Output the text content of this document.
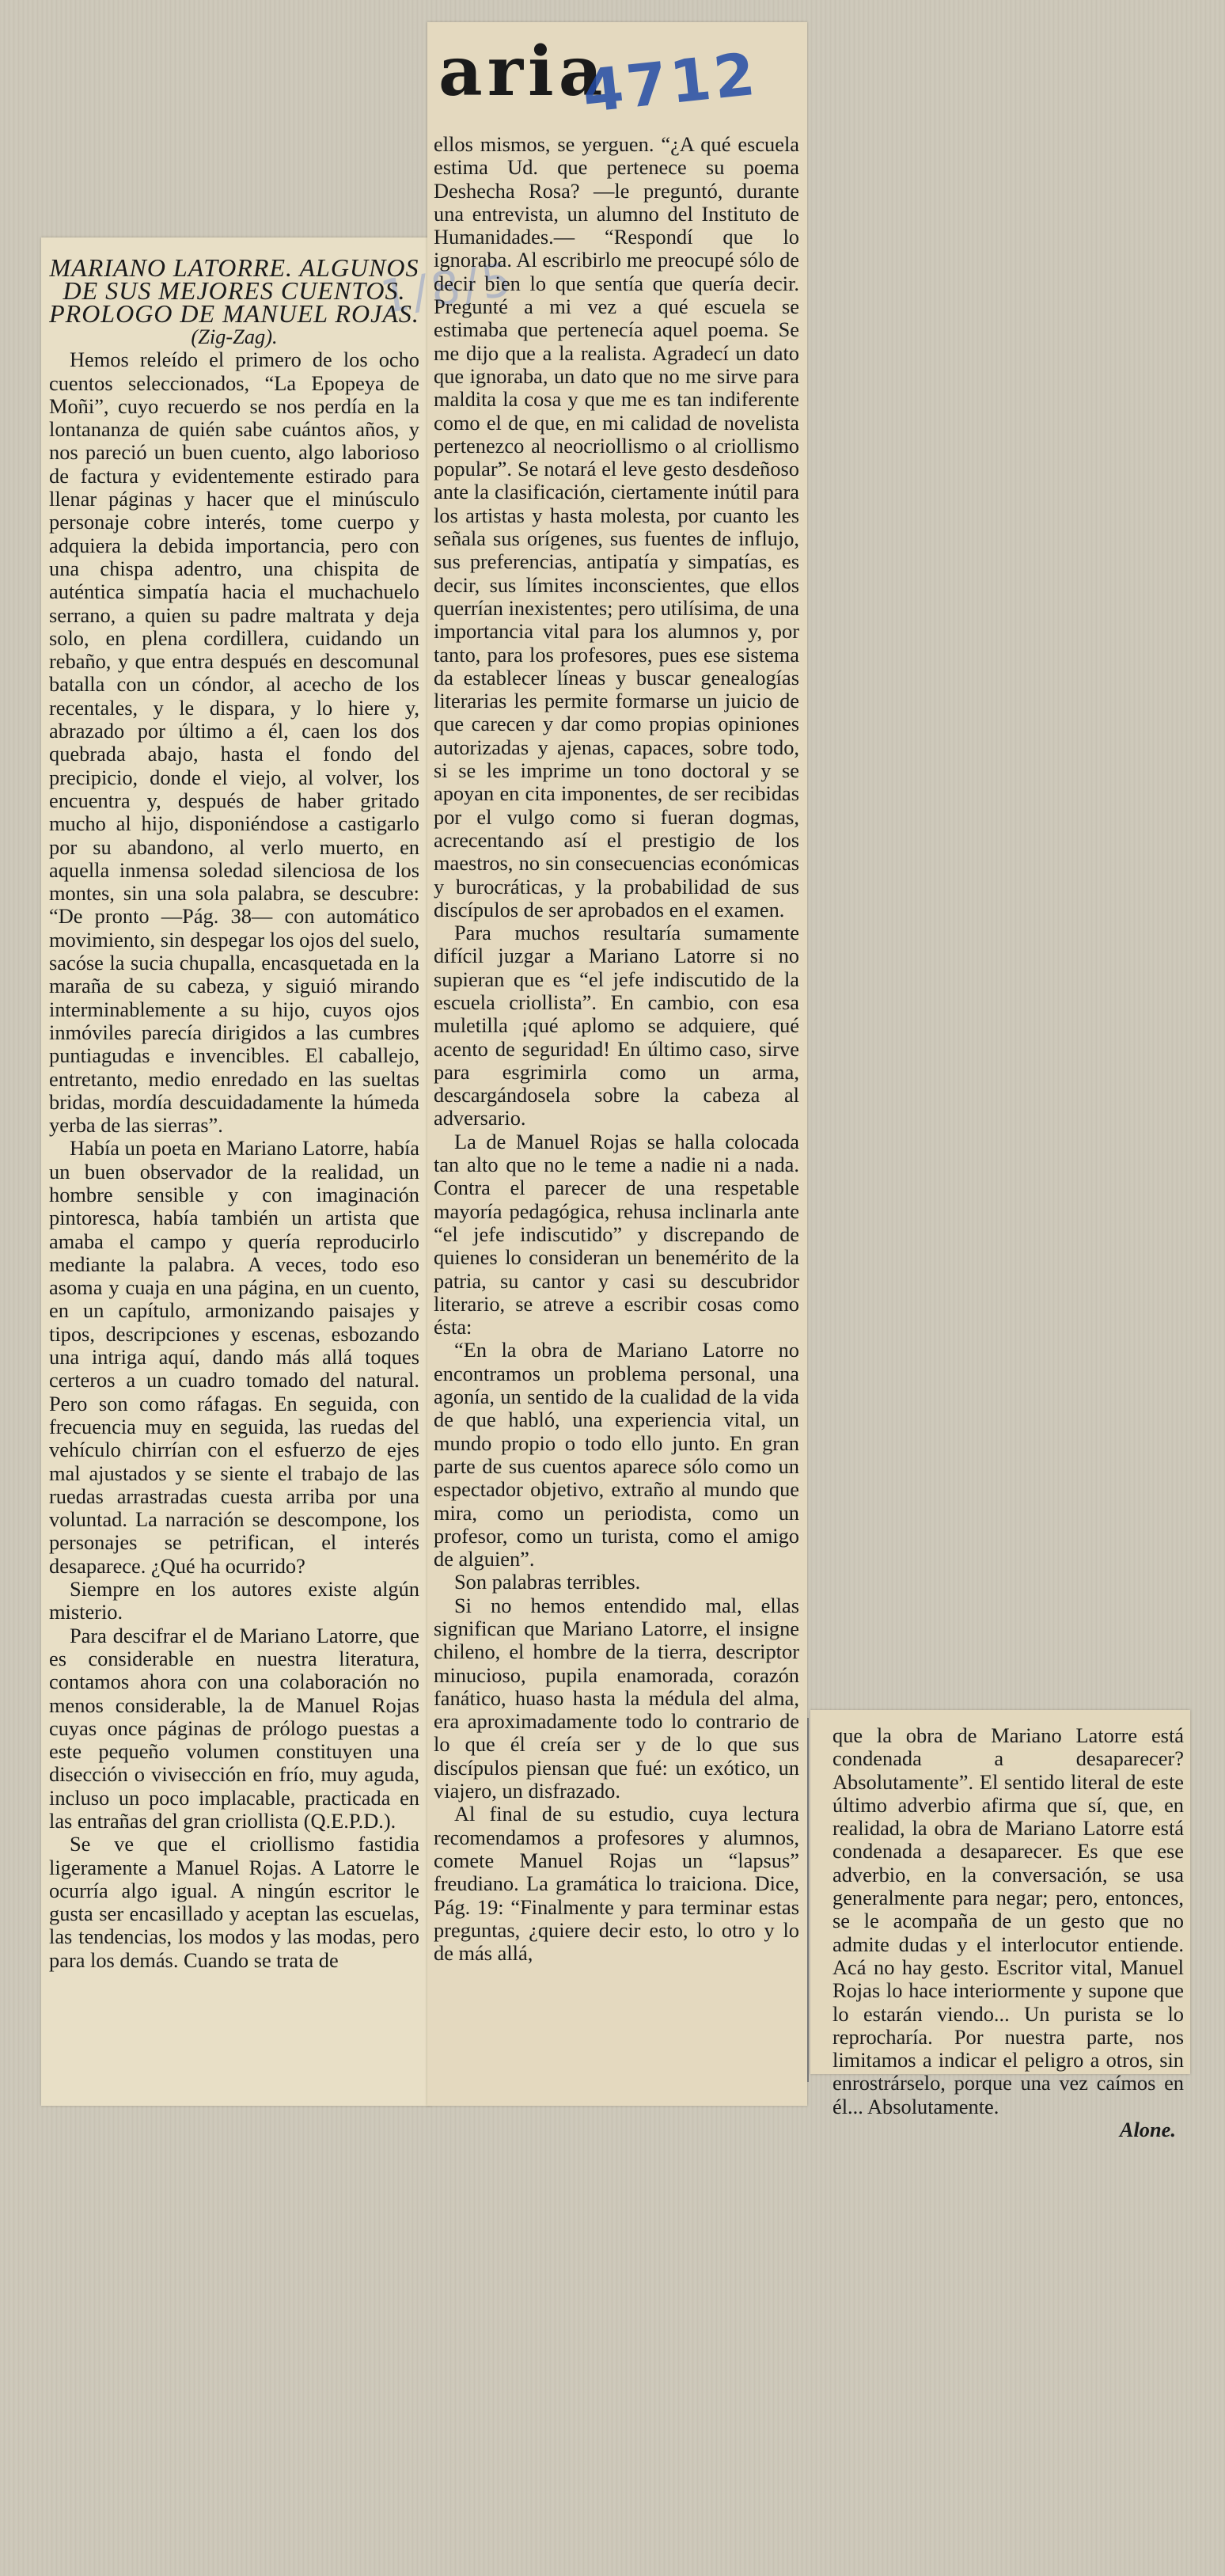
aria
4712
1/8/5

MARIANO LATORRE. ALGUNOS DE SUS MEJORES CUENTOS. PROLOGO DE MANUEL ROJAS.

(Zig-Zag).

Hemos releído el primero de los ocho cuentos seleccionados, “La Epopeya de Moñi”, cuyo recuerdo se nos perdía en la lontananza de quién sabe cuántos años, y nos pareció un buen cuento, algo laborioso de factura y evidentemente estirado para llenar páginas y hacer que el minúsculo personaje cobre interés, tome cuerpo y adquiera la debida importancia, pero con una chispa adentro, una chispita de auténtica simpatía hacia el muchachuelo serrano, a quien su padre maltrata y deja solo, en plena cordillera, cuidando un rebaño, y que entra después en descomunal batalla con un cóndor, al acecho de los recentales, y le dispara, y lo hiere y, abrazado por último a él, caen los dos quebrada abajo, hasta el fondo del precipicio, donde el viejo, al volver, los encuentra y, después de haber gritado mucho al hijo, disponiéndose a castigarlo por su abandono, al verlo muerto, en aquella inmensa soledad silenciosa de los montes, sin una sola palabra, se descubre: “De pronto —Pág. 38— con automático movimiento, sin despegar los ojos del suelo, sacóse la sucia chupalla, encasquetada en la maraña de su cabeza, y siguió mirando interminablemente a su hijo, cuyos ojos inmóviles parecía dirigidos a las cumbres puntiagudas e invencibles. El caballejo, entretanto, medio enredado en las sueltas bridas, mordía descuidadamente la húmeda yerba de las sierras”.

Había un poeta en Mariano Latorre, había un buen observador de la realidad, un hombre sensible y con imaginación pintoresca, había también un artista que amaba el campo y quería reproducirlo mediante la palabra. A veces, todo eso asoma y cuaja en una página, en un cuento, en un capítulo, armonizando paisajes y tipos, descripciones y escenas, esbozando una intriga aquí, dando más allá toques certeros a un cuadro tomado del natural. Pero son como ráfagas. En seguida, con frecuencia muy en seguida, las ruedas del vehículo chirrían con el esfuerzo de ejes mal ajustados y se siente el trabajo de las ruedas arrastradas cuesta arriba por una voluntad. La narración se descompone, los personajes se petrifican, el interés desaparece. ¿Qué ha ocurrido?

Siempre en los autores existe algún misterio.

Para descifrar el de Mariano Latorre, que es considerable en nuestra literatura, contamos ahora con una colaboración no menos considerable, la de Manuel Rojas cuyas once páginas de prólogo puestas a este pequeño volumen constituyen una disección o vivisección en frío, muy aguda, incluso un poco implacable, practicada en las entrañas del gran criollista (Q.E.P.D.).

Se ve que el criollismo fastidia ligeramente a Manuel Rojas. A Latorre le ocurría algo igual. A ningún escritor le gusta ser encasillado y aceptan las escuelas, las tendencias, los modos y las modas, pero para los demás. Cuando se trata de

ellos mismos, se yerguen. “¿A qué escuela estima Ud. que pertenece su poema Deshecha Rosa? —le preguntó, durante una entrevista, un alumno del Instituto de Humanidades.— “Respondí que lo ignoraba. Al escribirlo me preocupé sólo de decir bien lo que sentía que quería decir. Pregunté a mi vez a qué escuela se estimaba que pertenecía aquel poema. Se me dijo que a la realista. Agradecí un dato que ignoraba, un dato que no me sirve para maldita la cosa y que me es tan indiferente como el de que, en mi calidad de novelista pertenezco al neocriollismo o al criollismo popular”. Se notará el leve gesto desdeñoso ante la clasificación, ciertamente inútil para los artistas y hasta molesta, por cuanto les señala sus orígenes, sus fuentes de influjo, sus preferencias, antipatía y simpatías, es decir, sus límites inconscientes, que ellos querrían inexistentes; pero utilísima, de una importancia vital para los alumnos y, por tanto, para los profesores, pues ese sistema da establecer líneas y buscar genealogías literarias les permite formarse un juicio de que carecen y dar como propias opiniones autorizadas y ajenas, capaces, sobre todo, si se les imprime un tono doctoral y se apoyan en cita imponentes, de ser recibidas por el vulgo como si fueran dogmas, acrecentando así el prestigio de los maestros, no sin consecuencias económicas y burocráticas, y la probabilidad de sus discípulos de ser aprobados en el examen.

Para muchos resultaría sumamente difícil juzgar a Mariano Latorre si no supieran que es “el jefe indiscutido de la escuela criollista”. En cambio, con esa muletilla ¡qué aplomo se adquiere, qué acento de seguridad! En último caso, sirve para esgrimirla como un arma, descargándosela sobre la cabeza al adversario.

La de Manuel Rojas se halla colocada tan alto que no le teme a nadie ni a nada. Contra el parecer de una respetable mayoría pedagógica, rehusa inclinarla ante “el jefe indiscutido” y discrepando de quienes lo consideran un benemérito de la patria, su cantor y casi su descubridor literario, se atreve a escribir cosas como ésta:

“En la obra de Mariano Latorre no encontramos un problema personal, una agonía, un sentido de la cualidad de la vida de que habló, una experiencia vital, un mundo propio o todo ello junto. En gran parte de sus cuentos aparece sólo como un espectador objetivo, extraño al mundo que mira, como un periodista, como un profesor, como un turista, como el amigo de alguien”.

Son palabras terribles.

Si no hemos entendido mal, ellas significan que Mariano Latorre, el insigne chileno, el hombre de la tierra, descriptor minucioso, pupila enamorada, corazón fanático, huaso hasta la médula del alma, era aproximadamente todo lo contrario de lo que él creía ser y de lo que sus discípulos piensan que fué: un exótico, un viajero, un disfrazado.

Al final de su estudio, cuya lectura recomendamos a profesores y alumnos, comete Manuel Rojas un “lapsus” freudiano. La gramática lo traiciona. Dice, Pág. 19: “Finalmente y para terminar estas preguntas, ¿quiere decir esto, lo otro y lo de más allá,

que la obra de Mariano Latorre está condenada a desaparecer? Absolutamente”. El sentido literal de este último adverbio afirma que sí, que, en realidad, la obra de Mariano Latorre está condenada a desaparecer. Es que ese adverbio, en la conversación, se usa generalmente para negar; pero, entonces, se le acompaña de un gesto que no admite dudas y el interlocutor entiende. Acá no hay gesto. Escritor vital, Manuel Rojas lo hace interiormente y supone que lo estarán viendo... Un purista se lo reprocharía. Por nuestra parte, nos limitamos a indicar el peligro a otros, sin enrostrárselo, porque una vez caímos en él... Absolutamente.

Alone.
